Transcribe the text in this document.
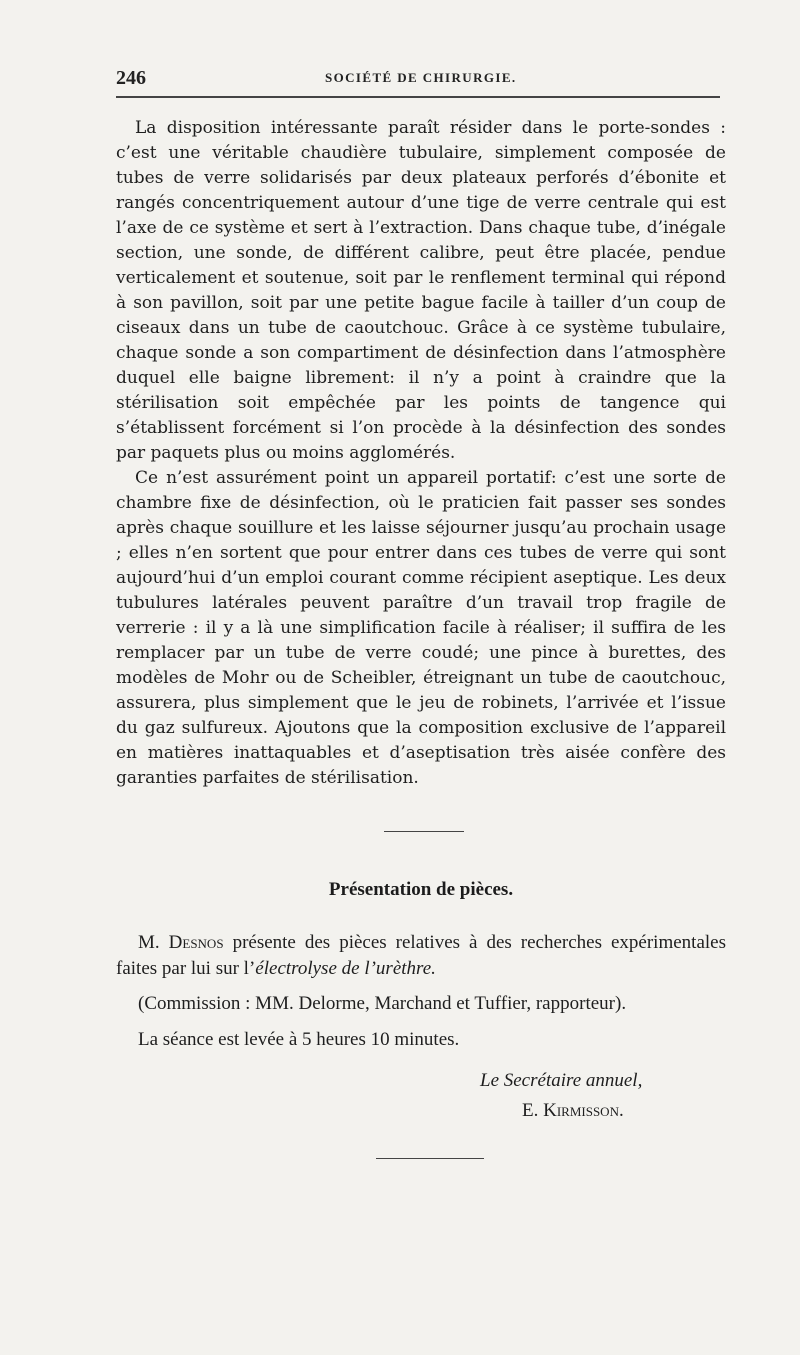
246	SOCIÉTÉ DE CHIRURGIE.

La disposition intéressante paraît résider dans le porte-sondes : c’est une véritable chaudière tubulaire, simplement composée de tubes de verre solidarisés par deux plateaux perforés d’ébonite et rangés concentriquement autour d’une tige de verre centrale qui est l’axe de ce système et sert à l’extraction. Dans chaque tube, d’inégale section, une sonde, de différent calibre, peut être placée, pendue verticalement et soutenue, soit par le renflement terminal qui répond à son pavillon, soit par une petite bague facile à tailler d’un coup de ciseaux dans un tube de caoutchouc. Grâce à ce système tubulaire, chaque sonde a son compartiment de désinfection dans l’atmosphère duquel elle baigne librement: il n’y a point à craindre que la stérilisation soit empêchée par les points de tangence qui s’établissent forcément si l’on procède à la désinfection des sondes par paquets plus ou moins agglomérés.

Ce n’est assurément point un appareil portatif: c’est une sorte de chambre fixe de désinfection, où le praticien fait passer ses sondes après chaque souillure et les laisse séjourner jusqu’au prochain usage ; elles n’en sortent que pour entrer dans ces tubes de verre qui sont aujourd’hui d’un emploi courant comme récipient aseptique. Les deux tubulures latérales peuvent paraître d’un travail trop fragile de verrerie : il y a là une simplification facile à réaliser; il suffira de les remplacer par un tube de verre coudé; une pince à burettes, des modèles de Mohr ou de Scheibler, étreignant un tube de caoutchouc, assurera, plus simplement que le jeu de robinets, l’arrivée et l’issue du gaz sulfureux. Ajoutons que la composition exclusive de l’appareil en matières inattaquables et d’aseptisation très aisée confère des garanties parfaites de stérilisation.

Présentation de pièces.

M. Desnos présente des pièces relatives à des recherches expérimentales faites par lui sur l’électrolyse de l’urèthre.

(Commission : MM. Delorme, Marchand et Tuffier, rapporteur).

La séance est levée à 5 heures 10 minutes.

Le Secrétaire annuel,
E. Kirmisson.
